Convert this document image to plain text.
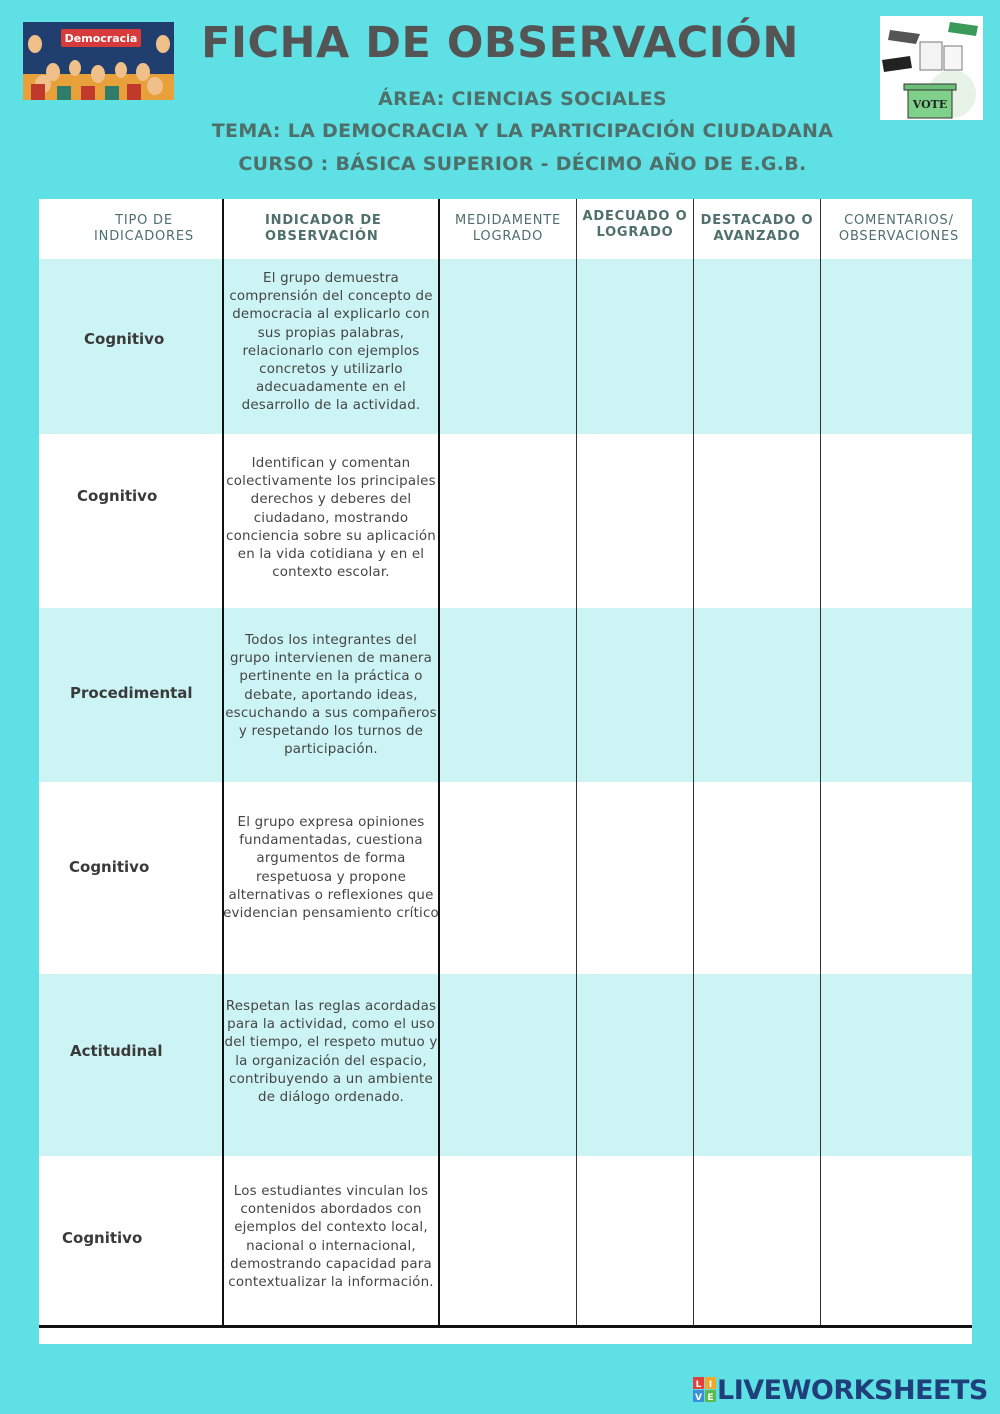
Democracia	FICHA DE OBSERVACIÓN
ÁREA: CIENCIAS SOCIALES
TEMA: LA DEMOCRACIA Y LA PARTICIPACIÓN CIUDADANA
CURSO : BÁSICA SUPERIOR - DÉCIMO AÑO DE E.G.B.
VOTE
TIPO DE
INDICADORES
INDICADOR DE
OBSERVACIÓN
MEDIDAMENTE
LOGRADO
ADECUADO O
LOGRADO
DESTACADO O
AVANZADO
COMENTARIOS/
OBSERVACIONES
Cognitivo
El grupo demuestra comprensión del concepto de democracia al explicarlo con sus propias palabras, relacionarlo con ejemplos concretos y utilizarlo adecuadamente en el desarrollo de la actividad.
Cognitivo
Identifican y comentan colectivamente los principales derechos y deberes del ciudadano, mostrando conciencia sobre su aplicación en la vida cotidiana y en el contexto escolar.
Procedimental
Todos los integrantes del grupo intervienen de manera pertinente en la práctica o debate, aportando ideas, escuchando a sus compañeros y respetando los turnos de participación.
Cognitivo
El grupo expresa opiniones fundamentadas, cuestiona argumentos de forma respetuosa y propone alternativas o reflexiones que evidencian pensamiento crítico
Actitudinal
Respetan las reglas acordadas para la actividad, como el uso del tiempo, el respeto mutuo y la organización del espacio, contribuyendo a un ambiente de diálogo ordenado.
Cognitivo
Los estudiantes vinculan los contenidos abordados con ejemplos del contexto local, nacional o internacional, demostrando capacidad para contextualizar la información.
L I
V E LIVEWORKSHEETS
